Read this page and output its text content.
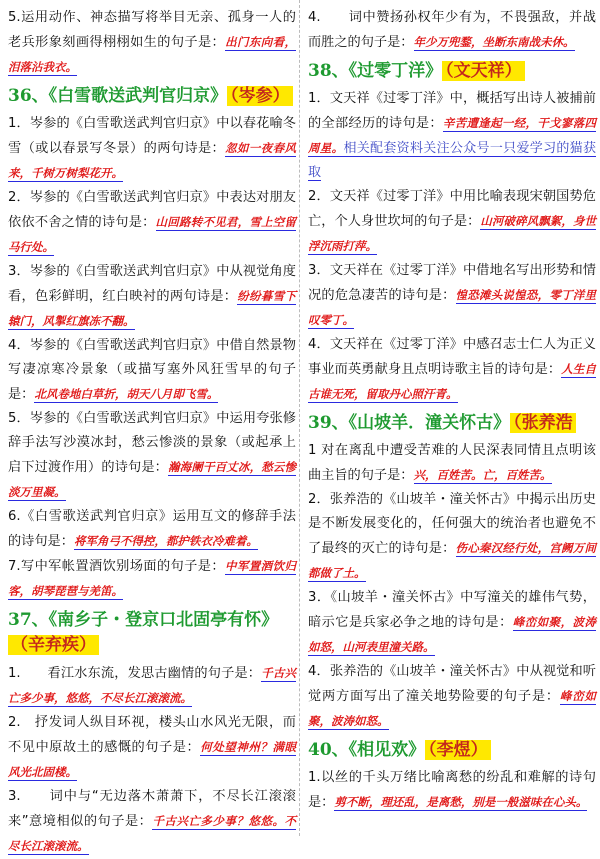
5.运用动作、神态描写将举目无亲、孤身一人的老兵形象刻画得栩栩如生的句子是：出门东向看，泪落沾我衣。
36、《白雪歌送武判官归京》 （岑参）
1．岑参的《白雪歌送武判官归京》中以春花喻冬雪（或以春景写冬景）的两句诗是：忽如一夜春风来，千树万树梨花开。
2．岑参的《白雪歌送武判官归京》中表达对朋友依依不舍之情的诗句是：山回路转不见君，雪上空留马行处。
3．岑参的《白雪歌送武判官归京》中从视觉角度看，色彩鲜明，红白映衬的两句诗是：纷纷暮雪下辕门，风掣红旗冻不翻。
4．岑参的《白雪歌送武判官归京》中借自然景物写凄凉寒冷景象（或描写塞外风狂雪早的句子是：北风卷地白草折，胡天八月即飞雪。
5．岑参的《白雪歌送武判官归京》中运用夸张修辞手法写沙漠冰封，愁云惨淡的景象（或起承上启下过渡作用）的诗句是：瀚海阑干百丈冰，愁云惨淡万里凝。
6.《白雪歌送武判官归京》运用互文的修辞手法的诗句是：将军角弓不得控，都护铁衣冷难着。
7.写中军帐置酒饮别场面的句子是：中军置酒饮归客，胡琴琵琶与羌笛。
37、《南乡子・登京口北固亭有怀》（辛弃疾）
1.　　看江水东流，发思古幽情的句子是：千古兴亡多少事，悠悠，不尽长江滚滚流。
2.　抒发词人纵目环视，楼头山水风光无限，而不见中原故土的感慨的句子是：何处望神州？满眼风光北固楼。
3.　　词中与“无边落木萧萧下，不尽长江滚滚来”意境相似的句子是：千古兴亡多少事？悠悠。不尽长江滚滚流。
4.　　词中赞扬孙权年少有为，不畏强敌，并战而胜之的句子是：年少万兜鍪，坐断东南战未休。
38、《过零丁洋》 （文天祥）
1．文天祥《过零丁洋》中，概括写出诗人被捕前的全部经历的诗句是：辛苦遭逢起一经，干戈寥落四周星。相关配套资料关注公众号一只爱学习的猫获取
2．文天祥《过零丁洋》中用比喻表现宋朝国势危亡，个人身世坎坷的句子是：山河破碎风飘絮，身世浮沉雨打萍。
3．文天祥在《过零丁洋》中借地名写出形势和情况的危急凄苦的诗句是：惶恐滩头说惶恐，零丁洋里叹零丁。
4．文天祥在《过零丁洋》中感召志士仁人为正义事业而英勇献身且点明诗歌主旨的诗句是：人生自古谁无死，留取丹心照汗青。
39、《山坡羊．潼关怀古》 （张养浩
1 对在离乱中遭受苦难的人民深表同情且点明该曲主旨的句子是：兴，百姓苦。亡，百姓苦。
2．张养浩的《山坡羊・潼关怀古》中揭示出历史是不断发展变化的，任何强大的统治者也避免不了最终的灭亡的诗句是：伤心秦汉经行处，宫阙万间都做了土。
3．《山坡羊・潼关怀古》中写潼关的雄伟气势，暗示它是兵家必争之地的诗句是：峰峦如聚，波涛如怒，山河表里潼关路。
4．张养浩的《山坡羊・潼关怀古》中从视觉和听觉两方面写出了潼关地势险要的句子是：峰峦如聚，波涛如怒。
40、《相见欢》 （李煜）
1.以丝的千头万绪比喻离愁的纷乱和难解的诗句是：剪不断，理还乱，是离愁，别是一般滋味在心头。
